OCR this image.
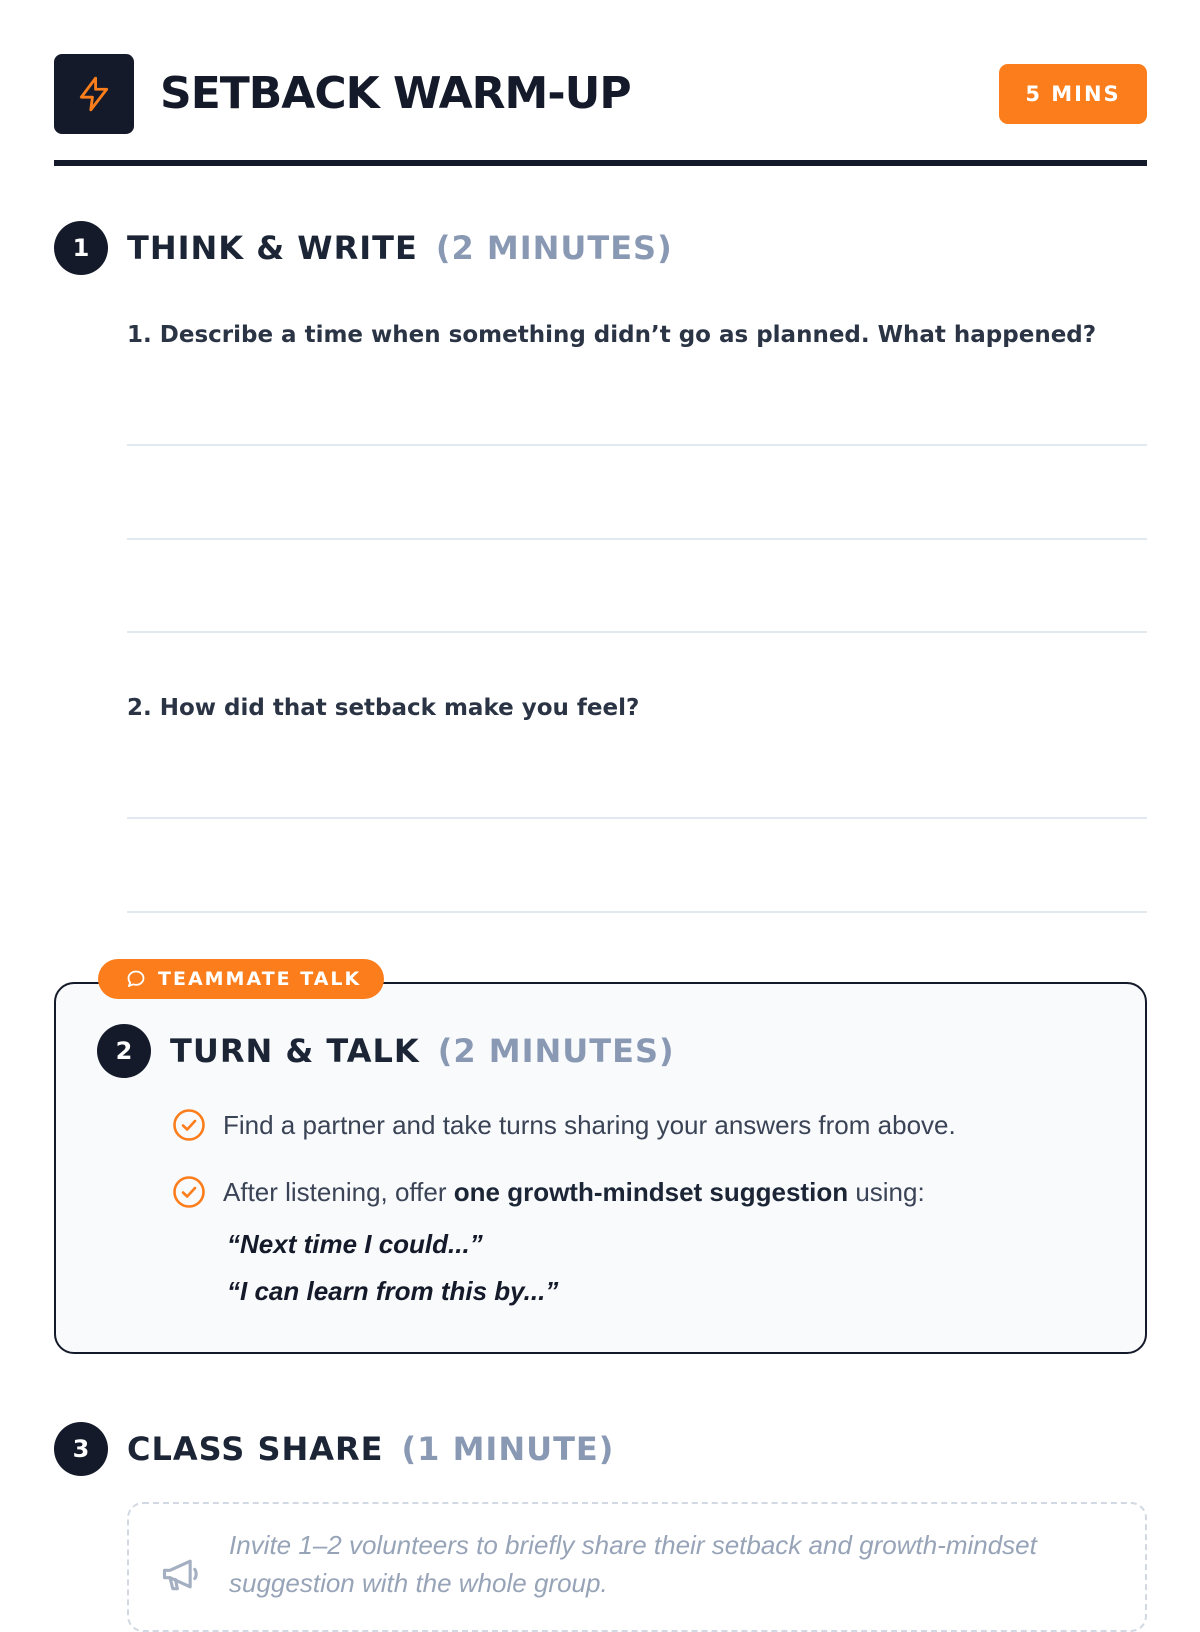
SETBACK WARM-UP	5 MINS
1	THINK & WRITE (2 MINUTES)

1. Describe a time when something didn’t go as planned. What happened?

2. How did that setback make you feel?

TEAMMATE TALK
2	TURN & TALK (2 MINUTES)
Find a partner and take turns sharing your answers from above.
After listening, offer one growth-mindset suggestion using:
“Next time I could...”
“I can learn from this by...”
3	CLASS SHARE (1 MINUTE)

Invite 1–2 volunteers to briefly share their setback and growth-mindset suggestion with the whole group.
